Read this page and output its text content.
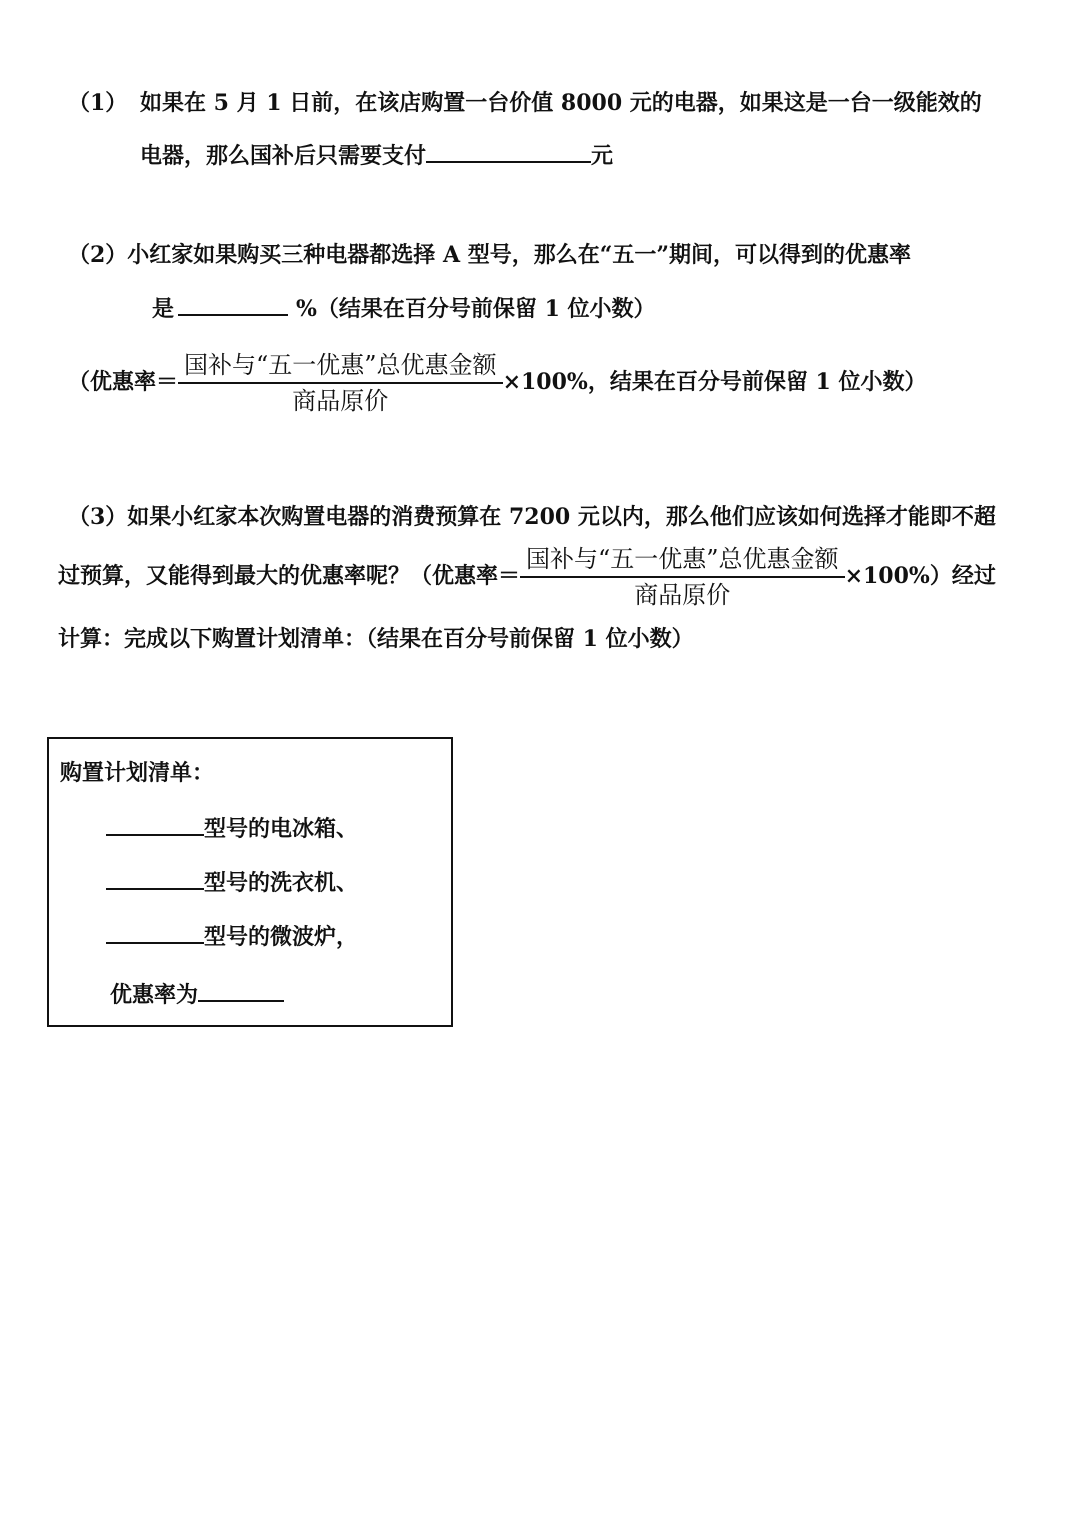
（1） 如果在 5 月 1 日前，在该店购置一台价值 8000 元的电器，如果这是一台一级能效的
电器，那么国补后只需要支付	元
（2）小红家如果购买三种电器都选择 A 型号，那么在“五一”期间，可以得到的优惠率
是	%（结果在百分号前保留 1 位小数）
（优惠率＝ $\frac{\text{国补与“五一优惠”总优惠金额}}{\text{商品原价}} \times 100\%$，结果在百分号前保留 1 位小数）
（3）如果小红家本次购置电器的消费预算在 7200 元以内，那么他们应该如何选择才能即不超
过预算，又能得到最大的优惠率呢？（优惠率＝ $\frac{\text{国补与“五一优惠”总优惠金额}}{\text{商品原价}} \times 100\%$）经过
计算：完成以下购置计划清单：（结果在百分号前保留 1 位小数）
购置计划清单：
型号的电冰箱、
型号的洗衣机、
型号的微波炉，
优惠率为
